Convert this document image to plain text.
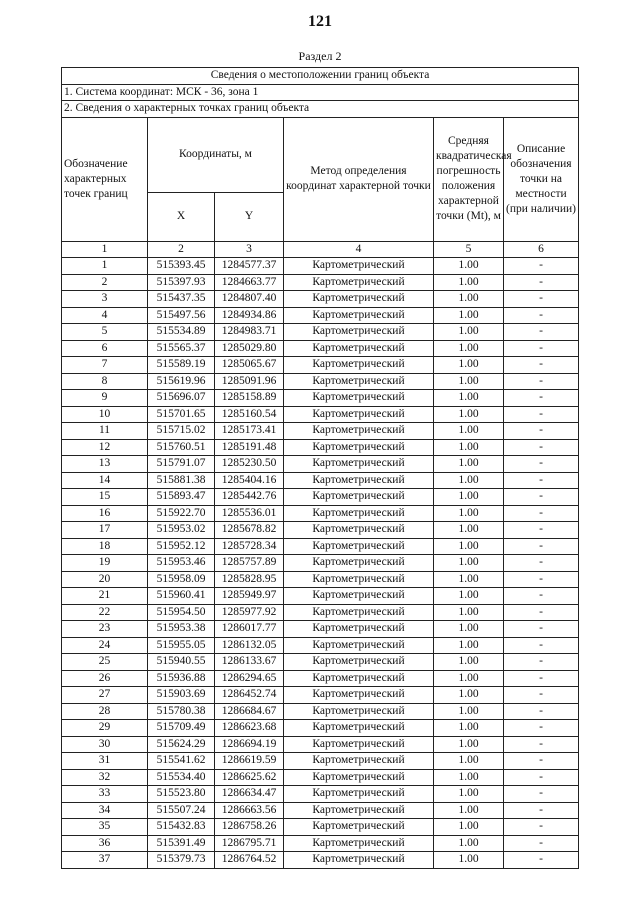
121
Раздел 2
Сведения о местоположении границ объекта					
1. Система координат: МСК - 36, зона 1					
2. Сведения о характерных точках границ объекта					
Обозначение характерных точек границ	Координаты, м		Метод определения координат характерной точки	Средняя квадратическая погрешность положения характерной точки (Mt), м	Описание обозначения точки на местности (при наличии)
	X	Y			
1	2	3	4	5	6
1	515393.45	1284577.37	Картометрический	1.00	-
2	515397.93	1284663.77	Картометрический	1.00	-
3	515437.35	1284807.40	Картометрический	1.00	-
4	515497.56	1284934.86	Картометрический	1.00	-
5	515534.89	1284983.71	Картометрический	1.00	-
6	515565.37	1285029.80	Картометрический	1.00	-
7	515589.19	1285065.67	Картометрический	1.00	-
8	515619.96	1285091.96	Картометрический	1.00	-
9	515696.07	1285158.89	Картометрический	1.00	-
10	515701.65	1285160.54	Картометрический	1.00	-
11	515715.02	1285173.41	Картометрический	1.00	-
12	515760.51	1285191.48	Картометрический	1.00	-
13	515791.07	1285230.50	Картометрический	1.00	-
14	515881.38	1285404.16	Картометрический	1.00	-
15	515893.47	1285442.76	Картометрический	1.00	-
16	515922.70	1285536.01	Картометрический	1.00	-
17	515953.02	1285678.82	Картометрический	1.00	-
18	515952.12	1285728.34	Картометрический	1.00	-
19	515953.46	1285757.89	Картометрический	1.00	-
20	515958.09	1285828.95	Картометрический	1.00	-
21	515960.41	1285949.97	Картометрический	1.00	-
22	515954.50	1285977.92	Картометрический	1.00	-
23	515953.38	1286017.77	Картометрический	1.00	-
24	515955.05	1286132.05	Картометрический	1.00	-
25	515940.55	1286133.67	Картометрический	1.00	-
26	515936.88	1286294.65	Картометрический	1.00	-
27	515903.69	1286452.74	Картометрический	1.00	-
28	515780.38	1286684.67	Картометрический	1.00	-
29	515709.49	1286623.68	Картометрический	1.00	-
30	515624.29	1286694.19	Картометрический	1.00	-
31	515541.62	1286619.59	Картометрический	1.00	-
32	515534.40	1286625.62	Картометрический	1.00	-
33	515523.80	1286634.47	Картометрический	1.00	-
34	515507.24	1286663.56	Картометрический	1.00	-
35	515432.83	1286758.26	Картометрический	1.00	-
36	515391.49	1286795.71	Картометрический	1.00	-
37	515379.73	1286764.52	Картометрический	1.00	-
